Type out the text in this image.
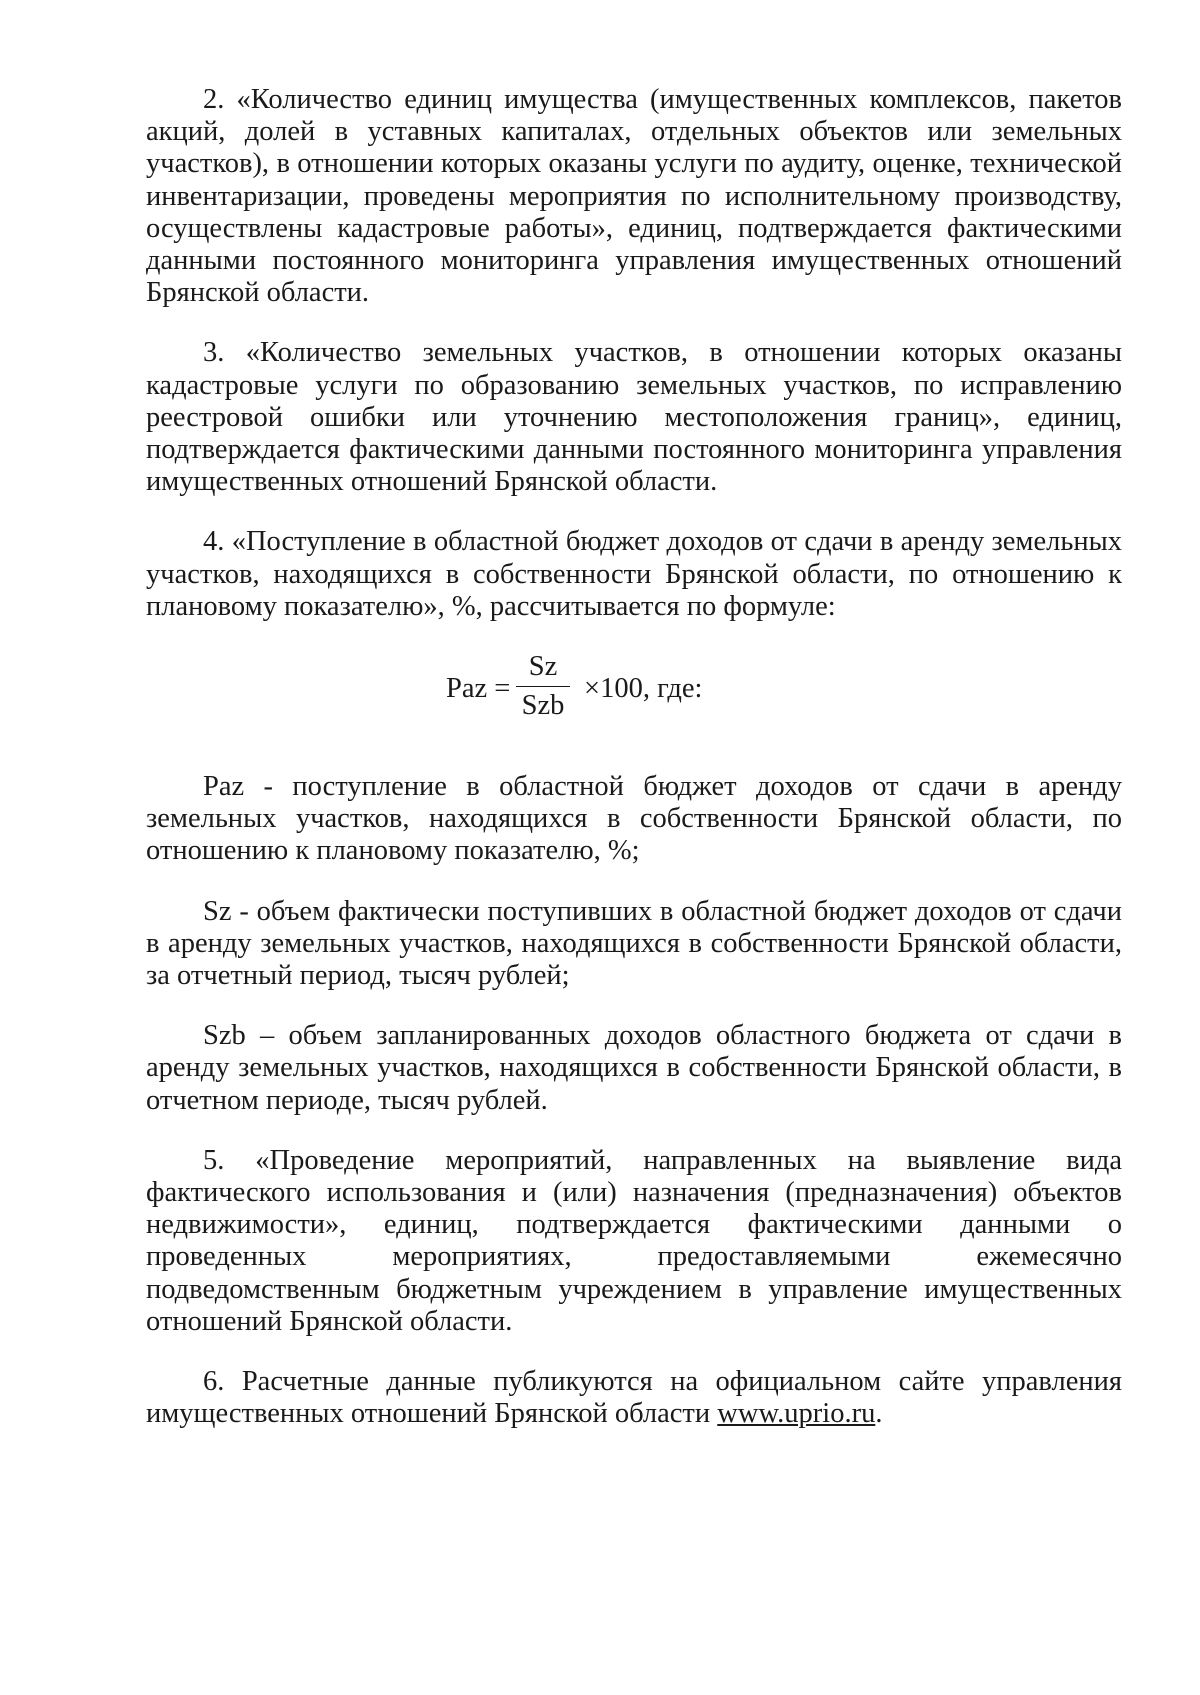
2. «Количество единиц имущества (имущественных комплексов, пакетов акций, долей в уставных капиталах, отдельных объектов или земельных участков), в отношении которых оказаны услуги по аудиту, оценке, технической инвентаризации, проведены мероприятия по исполнительному производству, осуществлены кадастровые работы», единиц, подтверждается фактическими данными постоянного мониторинга управления имущественных отношений Брянской области.

3. «Количество земельных участков, в отношении которых оказаны кадастровые услуги по образованию земельных участков, по исправлению реестровой ошибки или уточнению местоположения границ», единиц, подтверждается фактическими данными постоянного мониторинга управления имущественных отношений Брянской области.

4. «Поступление в областной бюджет доходов от сдачи в аренду земельных участков, находящихся в собственности Брянской области, по отношению к плановому показателю», %, рассчитывается по формуле:

Paz =
Sz
Szb
×100, где:

Paz - поступление в областной бюджет доходов от сдачи в аренду земельных участков, находящихся в собственности Брянской области, по отношению к плановому показателю, %;

Sz - объем фактически поступивших в областной бюджет доходов от сдачи в аренду земельных участков, находящихся в собственности Брянской области, за отчетный период, тысяч рублей;

Szb – объем запланированных доходов областного бюджета от сдачи в аренду земельных участков, находящихся в собственности Брянской области, в отчетном периоде, тысяч рублей.

5. «Проведение мероприятий, направленных на выявление вида фактического использования и (или) назначения (предназначения) объектов недвижимости», единиц, подтверждается фактическими данными о проведенных мероприятиях, предоставляемыми ежемесячно подведомственным бюджетным учреждением в управление имущественных отношений Брянской области.

6. Расчетные данные публикуются на официальном сайте управления имущественных отношений Брянской области www.uprio.ru.
